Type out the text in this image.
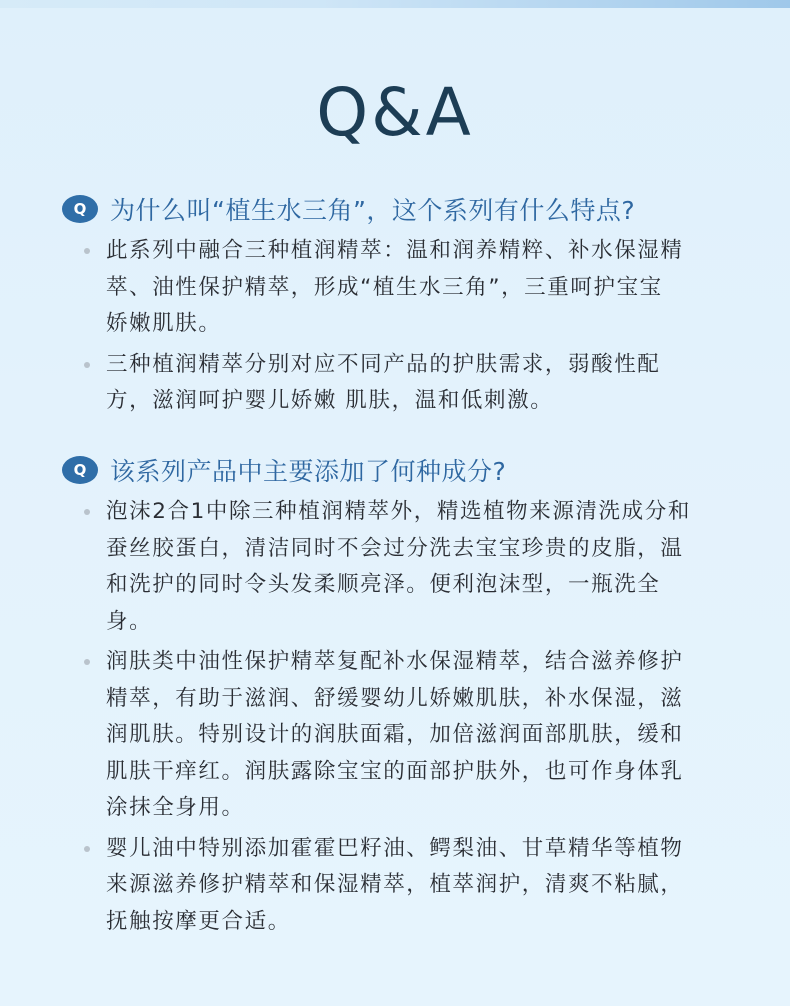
Q&A
Q 为什么叫“植生水三角”，这个系列有什么特点?
此系列中融合三种植润精萃：温和润养精粹、补水保湿精
萃、油性保护精萃，形成“植生水三角”，三重呵护宝宝
娇嫩肌肤。
三种植润精萃分别对应不同产品的护肤需求，弱酸性配
方，滋润呵护婴儿娇嫩 肌肤，温和低刺激。
Q 该系列产品中主要添加了何种成分?
泡沫2合1中除三种植润精萃外，精选植物来源清洗成分和
蚕丝胶蛋白，清洁同时不会过分洗去宝宝珍贵的皮脂，温
和洗护的同时令头发柔顺亮泽。便利泡沫型，一瓶洗全
身。
润肤类中油性保护精萃复配补水保湿精萃，结合滋养修护
精萃，有助于滋润、舒缓婴幼儿娇嫩肌肤，补水保湿，滋
润肌肤。特别设计的润肤面霜，加倍滋润面部肌肤，缓和
肌肤干痒红。润肤露除宝宝的面部护肤外，也可作身体乳
涂抹全身用。
婴儿油中特别添加霍霍巴籽油、鳄梨油、甘草精华等植物
来源滋养修护精萃和保湿精萃，植萃润护，清爽不粘腻，
抚触按摩更合适。
